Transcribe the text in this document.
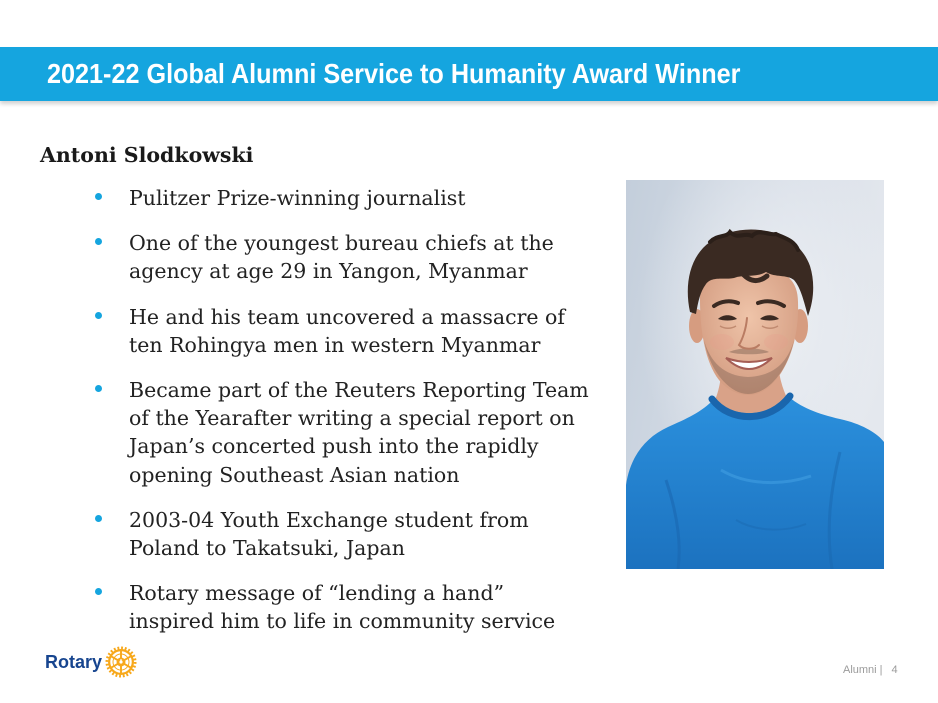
2021-22 Global Alumni Service to Humanity Award Winner
Antoni Slodkowski
Pulitzer Prize-winning journalist
One of the youngest bureau chiefs at the
agency at age 29 in Yangon, Myanmar
He and his team uncovered a massacre of
ten Rohingya men in western Myanmar
Became part of the Reuters Reporting Team
of the Yearafter writing a special report on
Japan’s concerted push into the rapidly
opening Southeast Asian nation
2003-04 Youth Exchange student from
Poland to Takatsuki, Japan
Rotary message of “lending a hand”
inspired him to life in community service
Rotary	Alumni | 4
